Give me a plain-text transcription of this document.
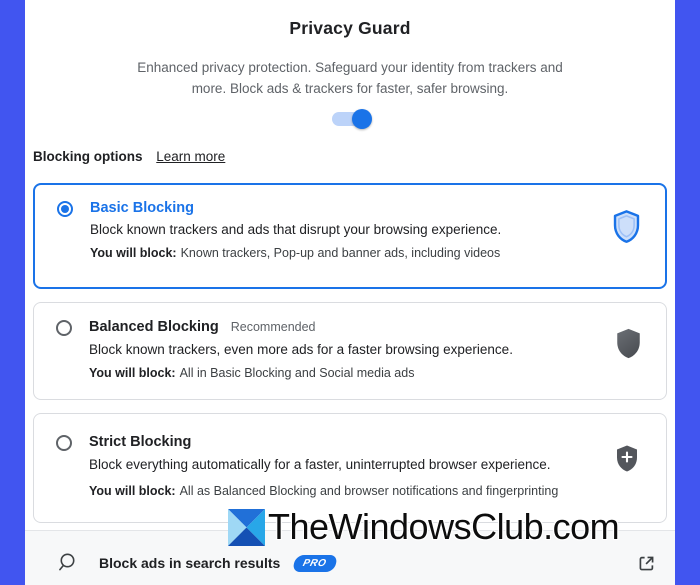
Privacy Guard
Enhanced privacy protection. Safeguard your identity from trackers and
more. Block ads & trackers for faster, safer browsing.
Blocking options Learn more
Basic Blocking
Block known trackers and ads that disrupt your browsing experience.
You will block: Known trackers, Pop-up and banner ads, including videos
Balanced Blocking Recommended
Block known trackers, even more ads for a faster browsing experience.
You will block: All in Basic Blocking and Social media ads
Strict Blocking
Block everything automatically for a faster, uninterrupted browser experience.
You will block: All as Balanced Blocking and browser notifications and fingerprinting
Block ads in search results	PRO
TheWindowsClub.com
